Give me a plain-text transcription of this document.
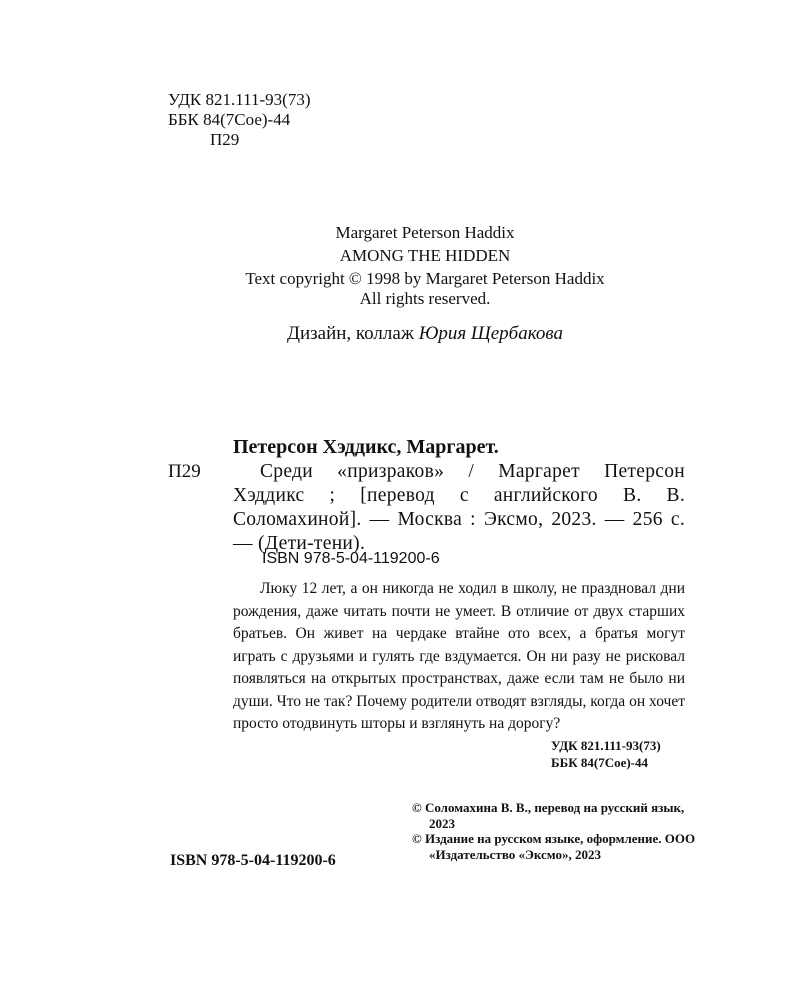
УДК 821.111-93(73)
ББК 84(7Сое)-44
П29
Margaret Peterson Haddix
AMONG THE HIDDEN
Text copyright © 1998 by Margaret Peterson Haddix
All rights reserved.
Дизайн, коллаж Юрия Щербакова
Петерсон Хэддикс, Маргарет.
П29	Среди «призраков» / Маргарет Петерсон Хэддикс ; [перевод с английского В. В. Соломахиной]. — Москва : Эксмо, 2023. — 256 с. — (Дети-тени).
ISBN 978-5-04-119200-6
Люку 12 лет, а он никогда не ходил в школу, не праздновал дни рождения, даже читать почти не умеет. В отличие от двух старших братьев. Он живет на чердаке втайне ото всех, а братья могут играть с друзьями и гулять где вздумается. Он ни разу не рисковал появляться на открытых пространствах, даже если там не было ни души. Что не так? Почему родители отводят взгляды, когда он хочет просто отодвинуть шторы и взглянуть на дорогу?
УДК 821.111-93(73)
ББК 84(7Сое)-44
© Соломахина В. В., перевод на русский язык, 2023
© Издание на русском языке, оформление. ООО «Издательство «Эксмо», 2023
ISBN 978-5-04-119200-6
